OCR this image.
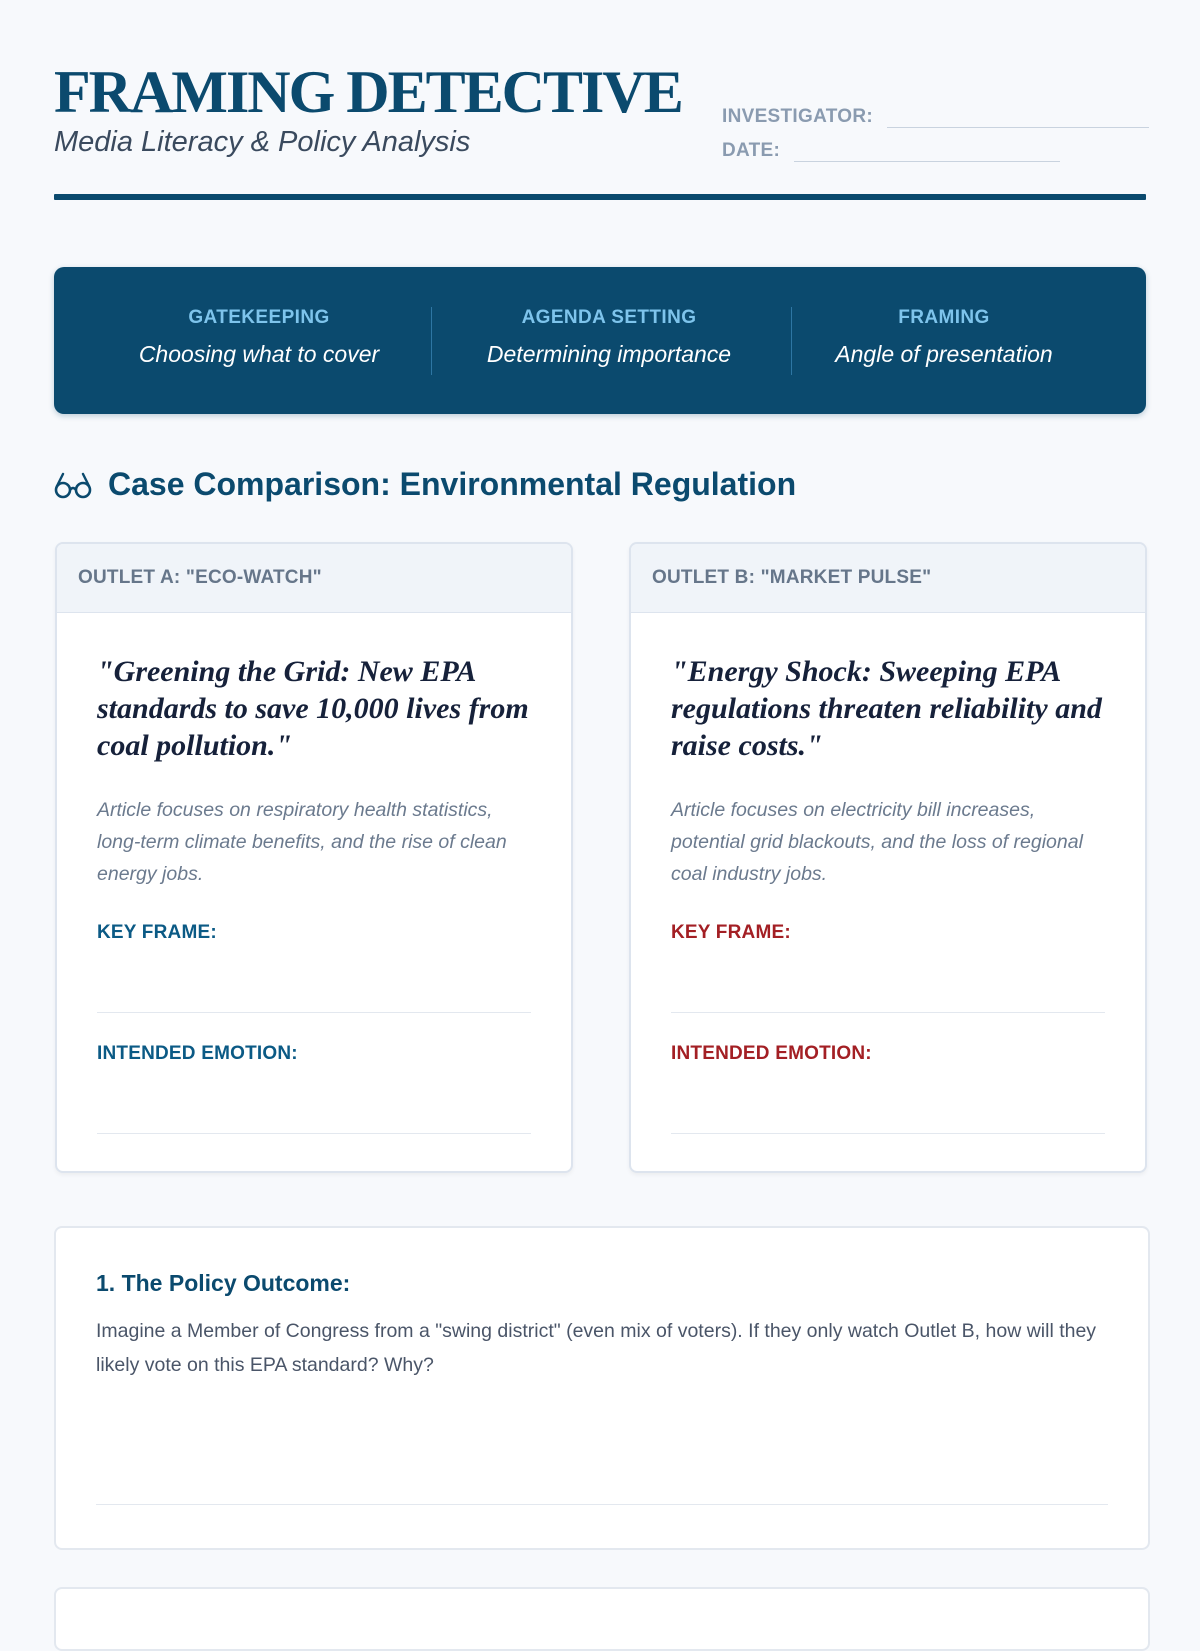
FRAMING DETECTIVE
Media Literacy & Policy Analysis
INVESTIGATOR:
DATE:
GATEKEEPING
Choosing what to cover
AGENDA SETTING
Determining importance
FRAMING
Angle of presentation
Case Comparison: Environmental Regulation
OUTLET A: "ECO-WATCH"
"Greening the Grid: New EPA standards to save 10,000 lives from coal pollution."
Article focuses on respiratory health statistics, long-term climate benefits, and the rise of clean energy jobs.
KEY FRAME:
INTENDED EMOTION:
OUTLET B: "MARKET PULSE"
"Energy Shock: Sweeping EPA regulations threaten reliability and raise costs."
Article focuses on electricity bill increases, potential grid blackouts, and the loss of regional coal industry jobs.
KEY FRAME:
INTENDED EMOTION:
1. The Policy Outcome:
Imagine a Member of Congress from a "swing district" (even mix of voters). If they only watch Outlet B, how will they likely vote on this EPA standard? Why?
